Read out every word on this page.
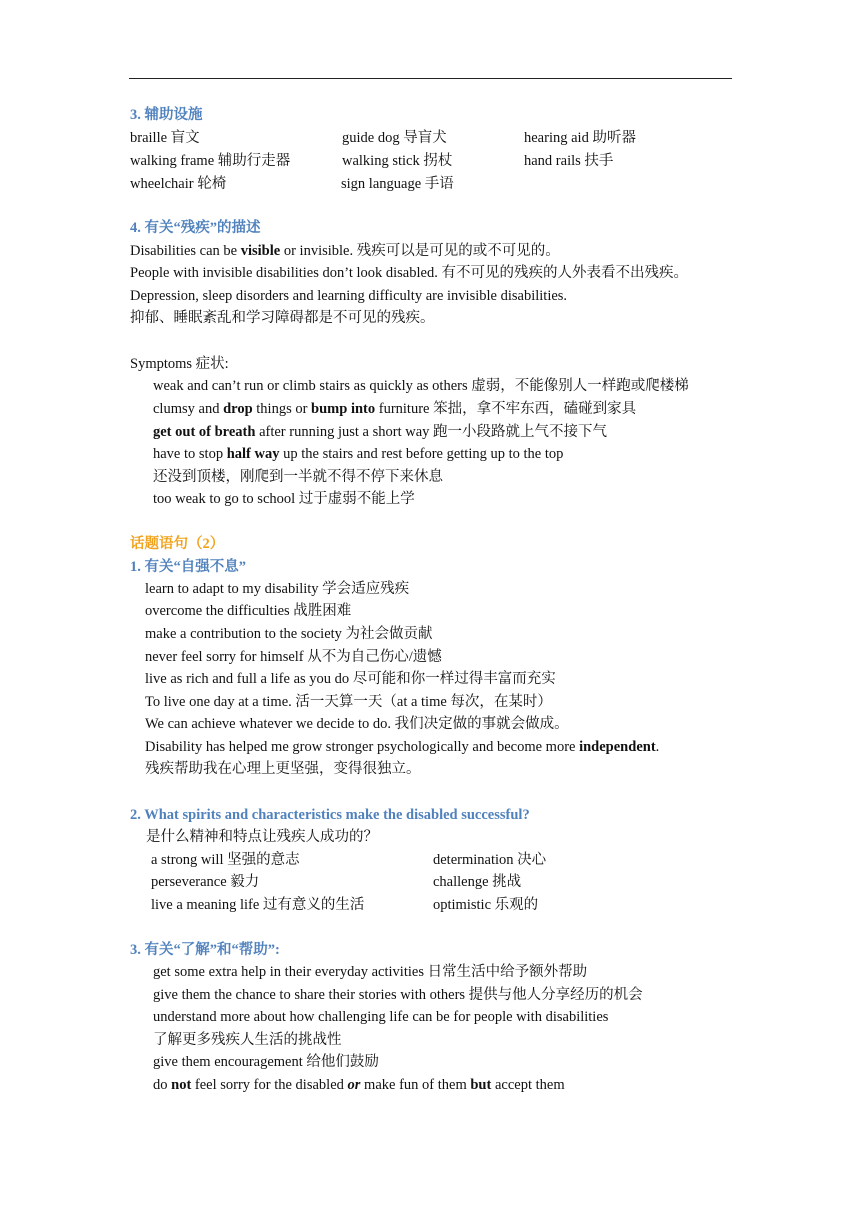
3. 辅助设施
braille 盲文	guide dog 导盲犬	hearing aid 助听器
walking frame 辅助行走器	walking stick 拐杖	hand rails 扶手
wheelchair 轮椅	sign language 手语
4. 有关“残疾”的描述
Disabilities can be visible or invisible. 残疾可以是可见的或不可见的。
People with invisible disabilities don’t look disabled. 有不可见的残疾的人外表看不出残疾。
Depression, sleep disorders and learning difficulty are invisible disabilities.
抑郁、睡眠紊乱和学习障碍都是不可见的残疾。
Symptoms 症状:
weak and can’t run or climb stairs as quickly as others 虚弱，不能像别人一样跑或爬楼梯
clumsy and drop things or bump into furniture 笨拙，拿不牢东西，磕碰到家具
get out of breath after running just a short way 跑一小段路就上气不接下气
have to stop half way up the stairs and rest before getting up to the top
还没到顶楼，刚爬到一半就不得不停下来休息
too weak to go to school 过于虚弱不能上学
话题语句（2）
1. 有关“自强不息”
learn to adapt to my disability 学会适应残疾
overcome the difficulties 战胜困难
make a contribution to the society 为社会做贡献
never feel sorry for himself 从不为自己伤心/遗憾
live as rich and full a life as you do 尽可能和你一样过得丰富而充实
To live one day at a time. 活一天算一天（at a time 每次，在某时）
We can achieve whatever we decide to do. 我们决定做的事就会做成。
Disability has helped me grow stronger psychologically and become more independent.
残疾帮助我在心理上更坚强，变得很独立。
2. What spirits and characteristics make the disabled successful?
是什么精神和特点让残疾人成功的？
a strong will 坚强的意志	determination 决心
perseverance 毅力	challenge 挑战
live a meaning life 过有意义的生活	optimistic 乐观的
3. 有关“了解”和“帮助”:
get some extra help in their everyday activities 日常生活中给予额外帮助
give them the chance to share their stories with others 提供与他人分享经历的机会
understand more about how challenging life can be for people with disabilities
了解更多残疾人生活的挑战性
give them encouragement 给他们鼓励
do not feel sorry for the disabled or make fun of them but accept them
